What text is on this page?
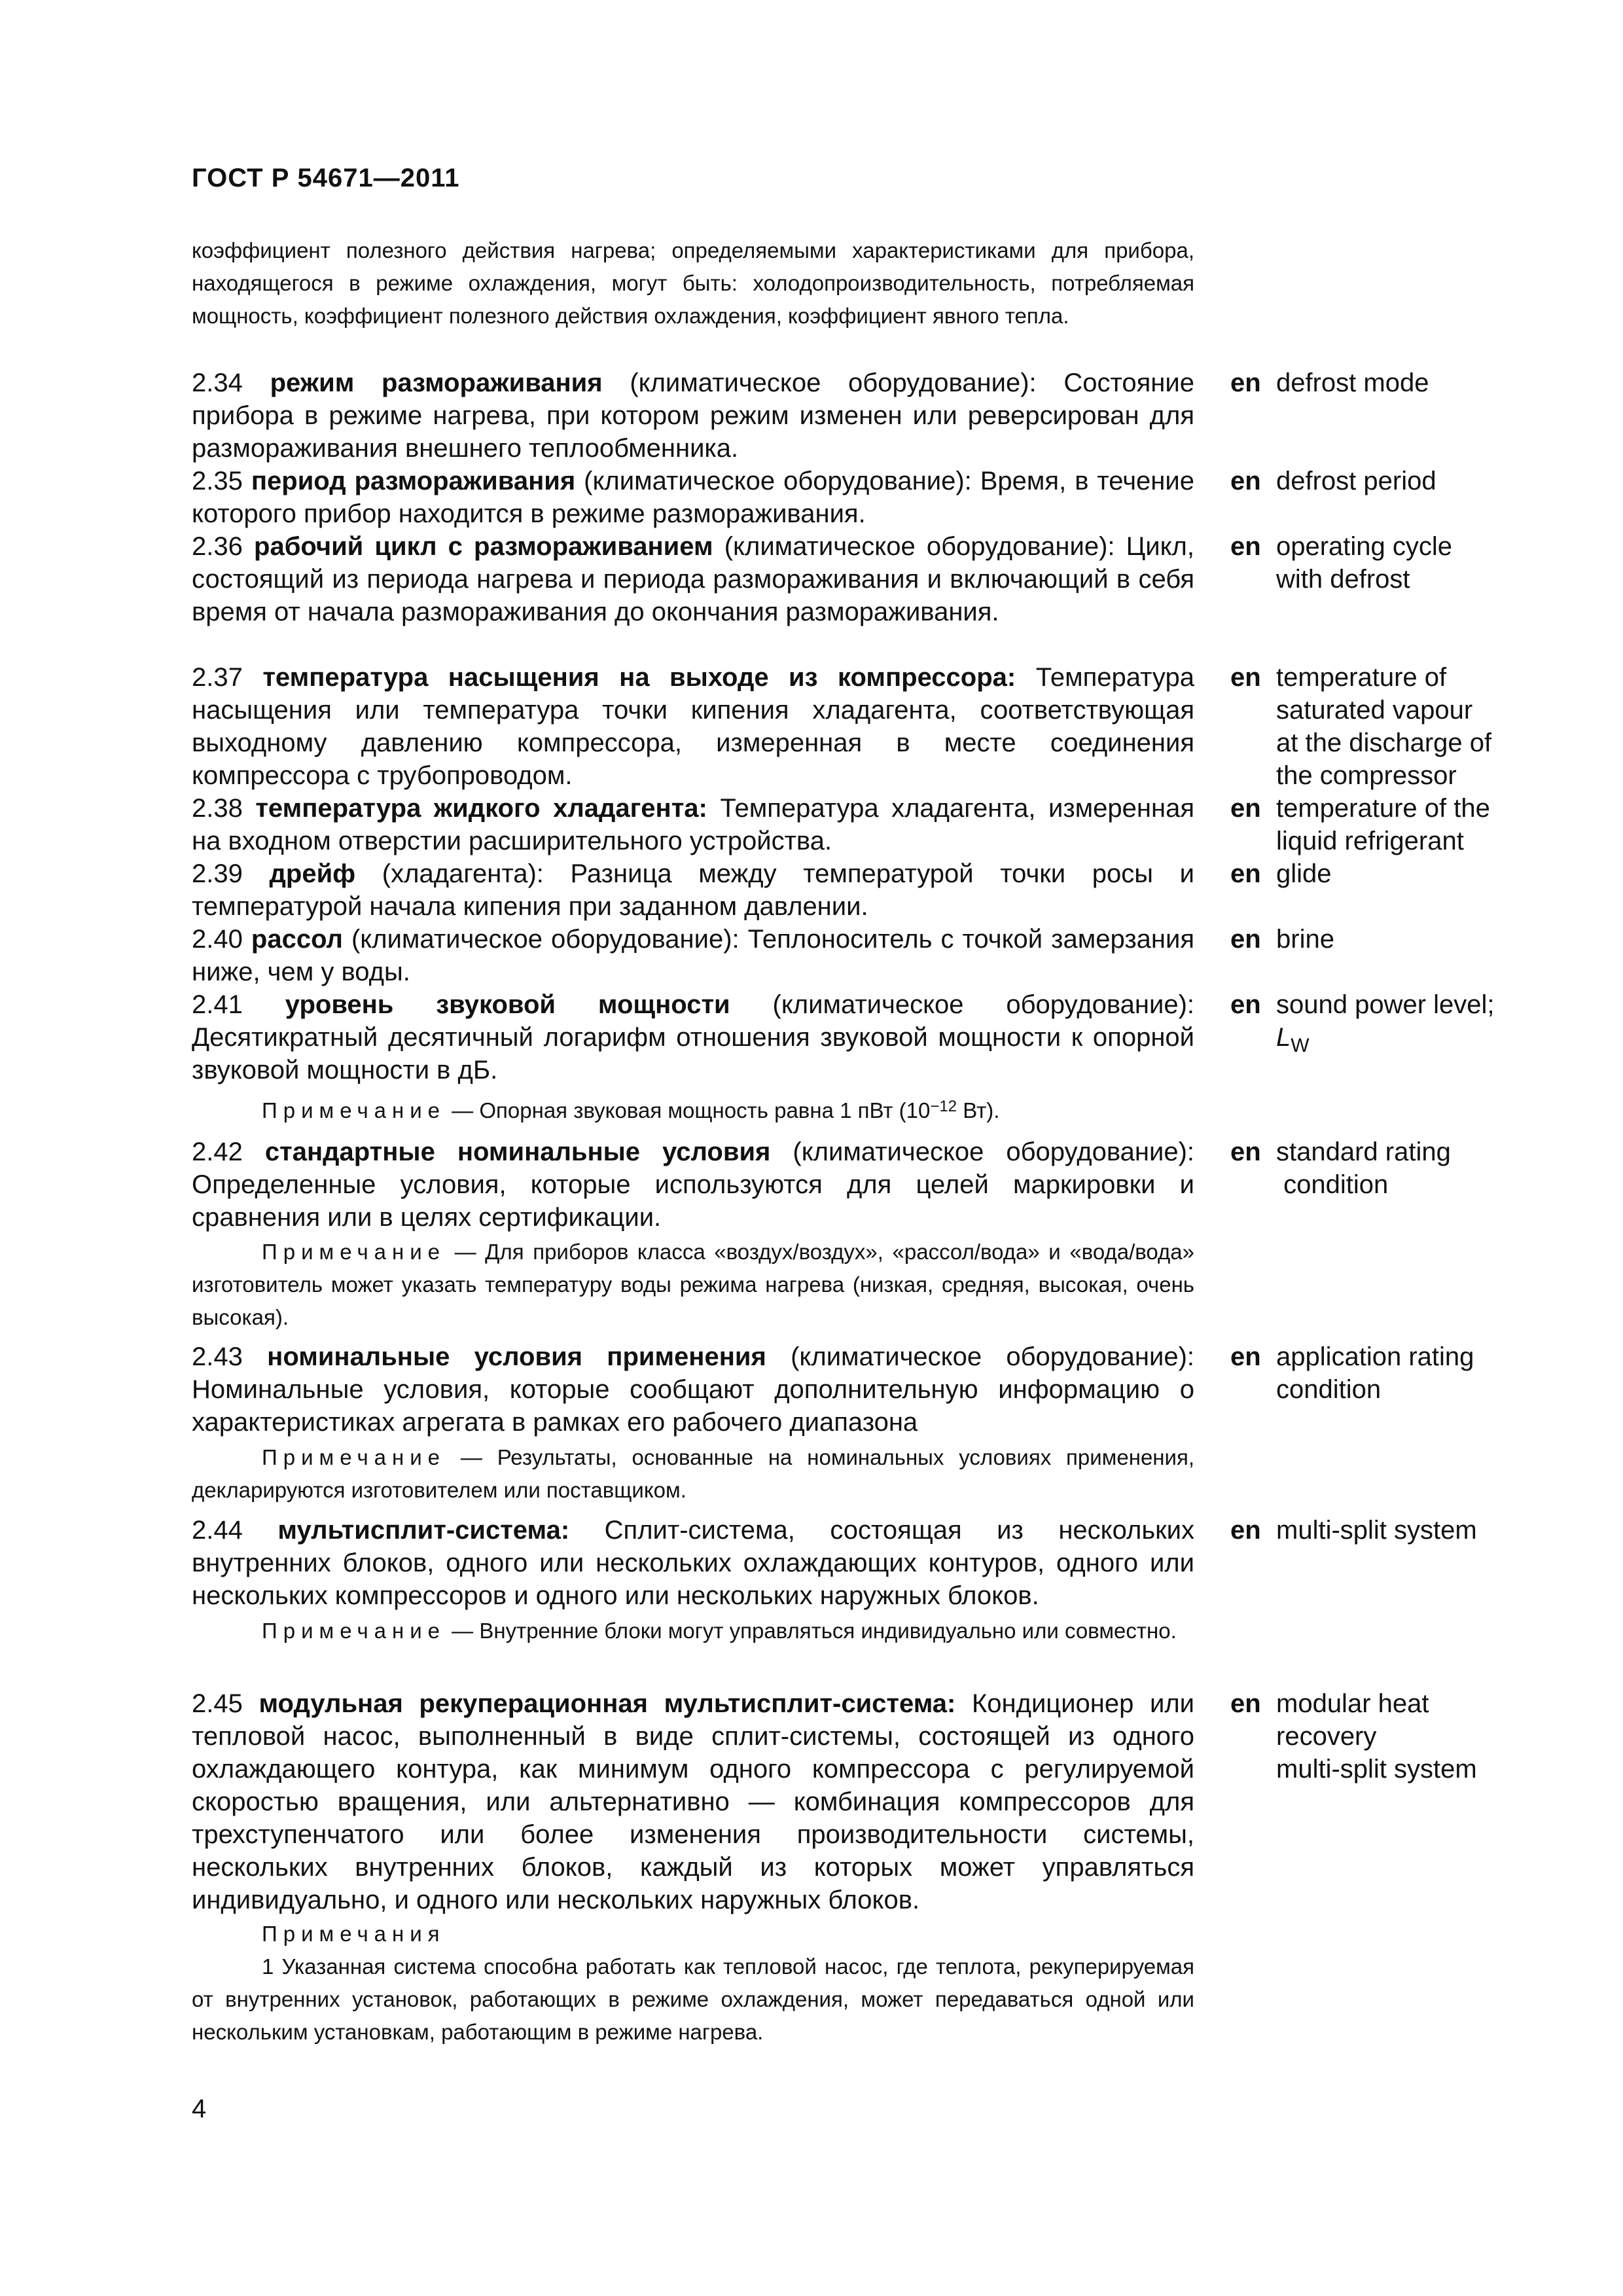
ГОСТ Р 54671—2011
коэффициент полезного действия нагрева; определяемыми характеристиками для прибора, находящегося в режиме охлаждения, могут быть: холодопроизводительность, потребляемая мощность, коэффициент полезного действия охлаждения, коэффициент явного тепла.
2.34 режим размораживания (климатическое оборудование): Состояние прибора в режиме нагрева, при котором режим изменен или реверсирован для размораживания внешнего теплообменника.
en defrost mode
2.35 период размораживания (климатическое оборудование): Время, в течение которого прибор находится в режиме размораживания.
en defrost period
2.36 рабочий цикл с размораживанием (климатическое оборудование): Цикл, состоящий из периода нагрева и периода размораживания и включающий в себя время от начала размораживания до окончания размораживания.
en operating cycle
with defrost
2.37 температура насыщения на выходе из компрессора: Температура насыщения или температура точки кипения хладагента, соответствующая выходному давлению компрессора, измеренная в месте соединения компрессора с трубопроводом.
en temperature of
saturated vapour
at the discharge of
the compressor
2.38 температура жидкого хладагента: Температура хладагента, измеренная на входном отверстии расширительного устройства.
en temperature of the
liquid refrigerant
2.39 дрейф (хладагента): Разница между температурой точки росы и температурой начала кипения при заданном давлении.
en glide
2.40 рассол (климатическое оборудование): Теплоноситель с точкой замерзания ниже, чем у воды.
en brine
2.41 уровень звуковой мощности (климатическое оборудование): Десятикратный десятичный логарифм отношения звуковой мощности к опорной звуковой мощности в дБ.
en sound power level;
$L_W$
Примечание — Опорная звуковая мощность равна 1 пВт ($10^{-12}$ Вт).
2.42 стандартные номинальные условия (климатическое оборудование): Определенные условия, которые используются для целей маркировки и сравнения или в целях сертификации.
en standard rating
condition
Примечание — Для приборов класса «воздух/воздух», «рассол/вода» и «вода/вода» изготовитель может указать температуру воды режима нагрева (низкая, средняя, высокая, очень высокая).
2.43 номинальные условия применения (климатическое оборудование): Номинальные условия, которые сообщают дополнительную информацию о характеристиках агрегата в рамках его рабочего диапазона
en application rating
condition
Примечание — Результаты, основанные на номинальных условиях применения, декларируются изготовителем или поставщиком.
2.44 мультисплит-система: Сплит-система, состоящая из нескольких внутренних блоков, одного или нескольких охлаждающих контуров, одного или нескольких компрессоров и одного или нескольких наружных блоков.
en multi-split system
Примечание — Внутренние блоки могут управляться индивидуально или совместно.
2.45 модульная рекуперационная мультисплит-система: Кондиционер или тепловой насос, выполненный в виде сплит-системы, состоящей из одного охлаждающего контура, как минимум одного компрессора с регулируемой скоростью вращения, или альтернативно — комбинация компрессоров для трехступенчатого или более изменения производительности системы, нескольких внутренних блоков, каждый из которых может управляться индивидуально, и одного или нескольких наружных блоков.
en modular heat
recovery
multi-split system
Примечания
1 Указанная система способна работать как тепловой насос, где теплота, рекуперируемая от внутренних установок, работающих в режиме охлаждения, может передаваться одной или нескольким установкам, работающим в режиме нагрева.
4
